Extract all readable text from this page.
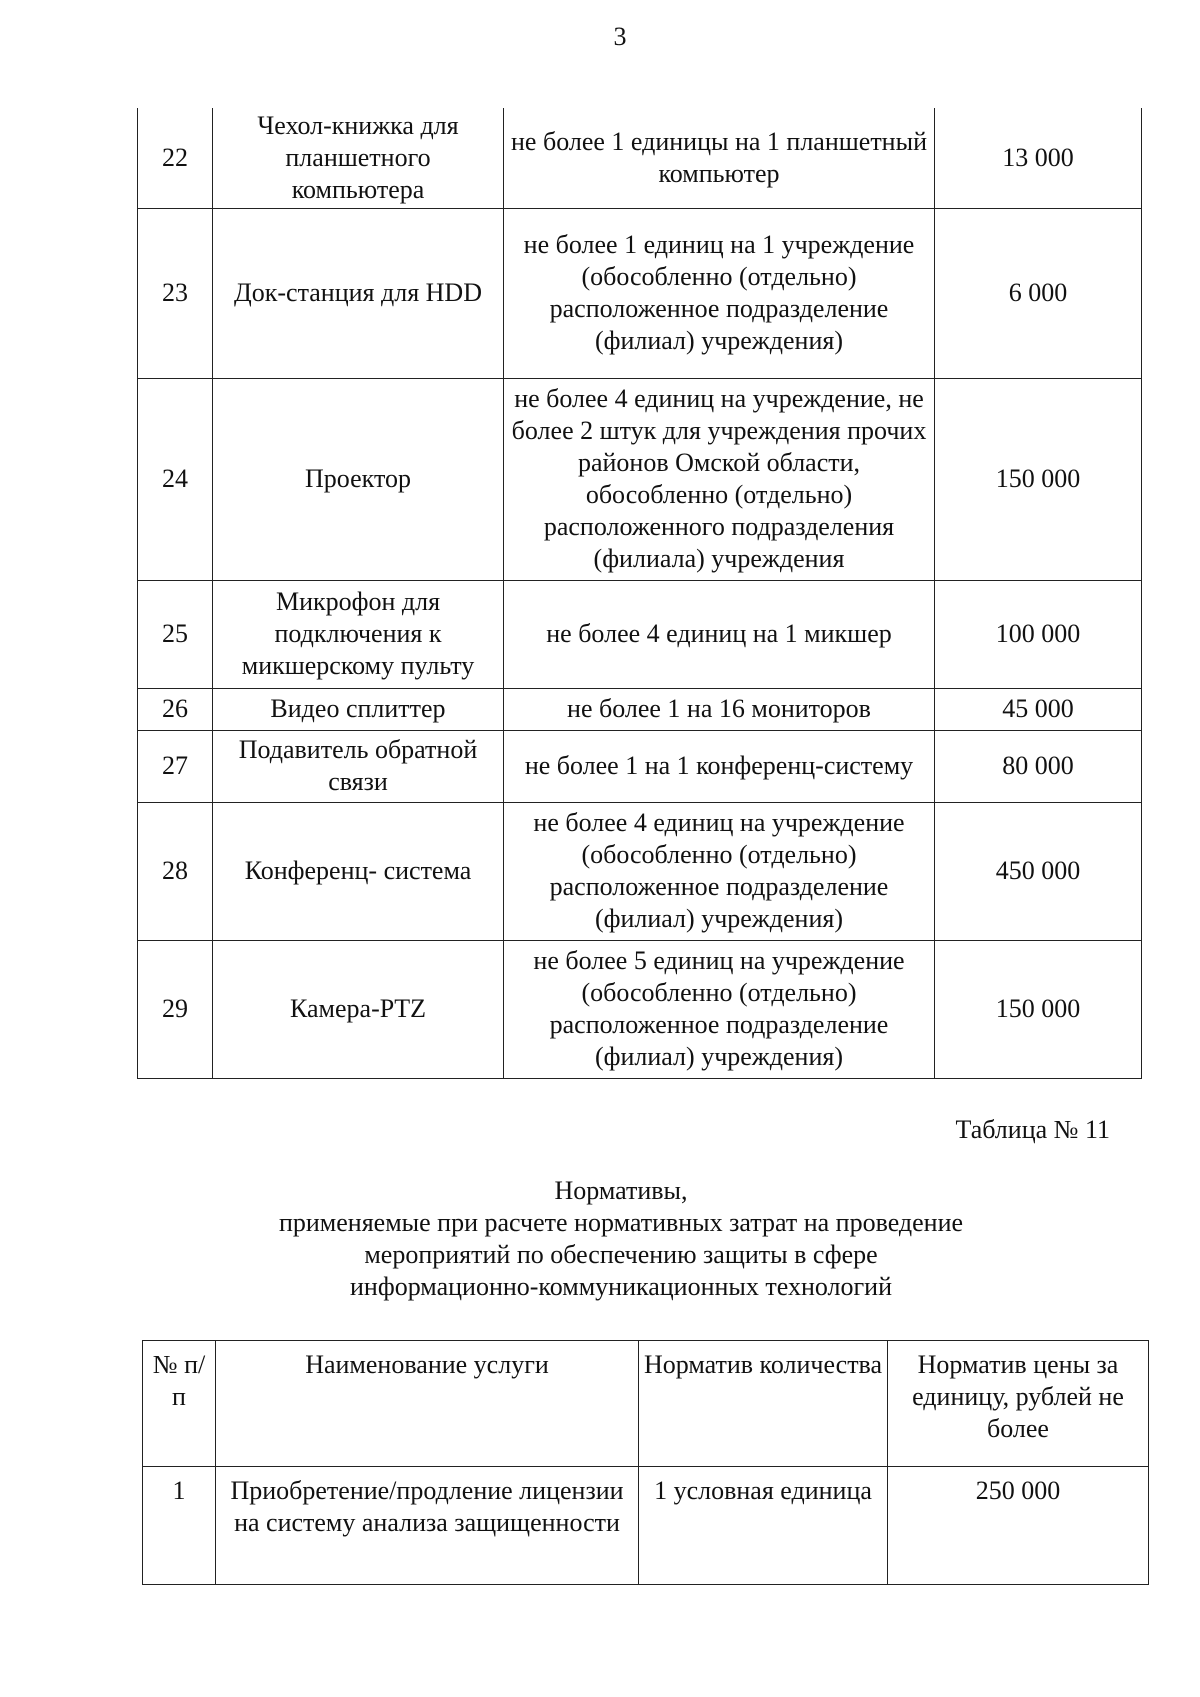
3
22	Чехол-книжка для планшетного компьютера	не более 1 единицы на 1 планшетный компьютер	13 000
23	Док-станция для HDD	не более 1 единиц на 1 учреждение (обособленно (отдельно) расположенное подразделение (филиал) учреждения)	6 000
24	Проектор	не более 4 единиц на учреждение, не более 2 штук для учреждения прочих районов Омской области, обособленно (отдельно) расположенного подразделения (филиала) учреждения	150 000
25	Микрофон для подключения к микшерскому пульту	не более 4 единиц на 1 микшер	100 000
26	Видео сплиттер	не более 1 на 16 мониторов	45 000
27	Подавитель обратной связи	не более 1 на 1 конференц-систему	80 000
28	Конференц- система	не более 4 единиц на учреждение (обособленно (отдельно) расположенное подразделение (филиал) учреждения)	450 000
29	Камера-PTZ	не более 5 единиц на учреждение (обособленно (отдельно) расположенное подразделение (филиал) учреждения)	150 000
Таблица № 11
Нормативы,
применяемые при расчете нормативных затрат на проведение
мероприятий по обеспечению защиты в сфере
информационно-коммуникационных технологий
№ п/п	Наименование услуги	Норматив количества	Норматив цены за единицу, рублей не более
1	Приобретение/продление лицензии на систему анализа защищенности	1 условная единица	250 000
